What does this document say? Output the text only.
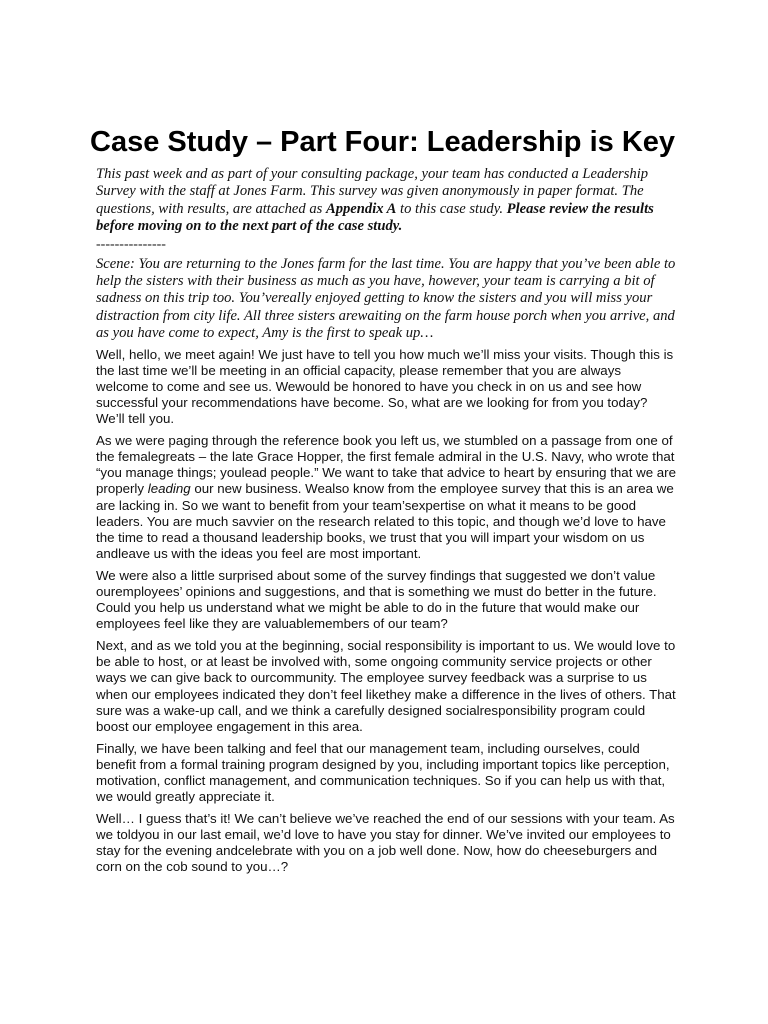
Case Study – Part Four: Leadership is Key

This past week and as part of your consulting package, your team has conducted a Leadership Survey with the staff at Jones Farm. This survey was given anonymously in paper format. The questions, with results, are attached as Appendix A to this case study. Please review the results before moving on to the next part of the case study.

---------------

Scene: You are returning to the Jones farm for the last time. You are happy that you’ve been able to help the sisters with their business as much as you have, however, your team is carrying a bit of sadness on this trip too. You’vereally enjoyed getting to know the sisters and you will miss your distraction from city life. All three sisters arewaiting on the farm house porch when you arrive, and as you have come to expect, Amy is the first to speak up…

Well, hello, we meet again! We just have to tell you how much we’ll miss your visits. Though this is the last time we’ll be meeting in an official capacity, please remember that you are always welcome to come and see us. Wewould be honored to have you check in on us and see how successful your recommendations have become. So, what are we looking for from you today? We’ll tell you.

As we were paging through the reference book you left us, we stumbled on a passage from one of the femalegreats – the late Grace Hopper, the first female admiral in the U.S. Navy, who wrote that “you manage things; youlead people.” We want to take that advice to heart by ensuring that we are properly leading our new business. Wealso know from the employee survey that this is an area we are lacking in. So we want to benefit from your team’sexpertise on what it means to be good leaders. You are much savvier on the research related to this topic, and though we’d love to have the time to read a thousand leadership books, we trust that you will impart your wisdom on us andleave us with the ideas you feel are most important.

We were also a little surprised about some of the survey findings that suggested we don’t value ouremployees’ opinions and suggestions, and that is something we must do better in the future. Could you help us understand what we might be able to do in the future that would make our employees feel like they are valuablemembers of our team?

Next, and as we told you at the beginning, social responsibility is important to us. We would love to be able to host, or at least be involved with, some ongoing community service projects or other ways we can give back to ourcommunity. The employee survey feedback was a surprise to us when our employees indicated they don’t feel likethey make a difference in the lives of others. That sure was a wake-up call, and we think a carefully designed socialresponsibility program could boost our employee engagement in this area.

Finally, we have been talking and feel that our management team, including ourselves, could benefit from a formal training program designed by you, including important topics like perception, motivation, conflict management, and communication techniques. So if you can help us with that, we would greatly appreciate it.

Well… I guess that’s it! We can’t believe we’ve reached the end of our sessions with your team. As we toldyou in our last email, we’d love to have you stay for dinner. We’ve invited our employees to stay for the evening andcelebrate with you on a job well done. Now, how do cheeseburgers and corn on the cob sound to you…?
